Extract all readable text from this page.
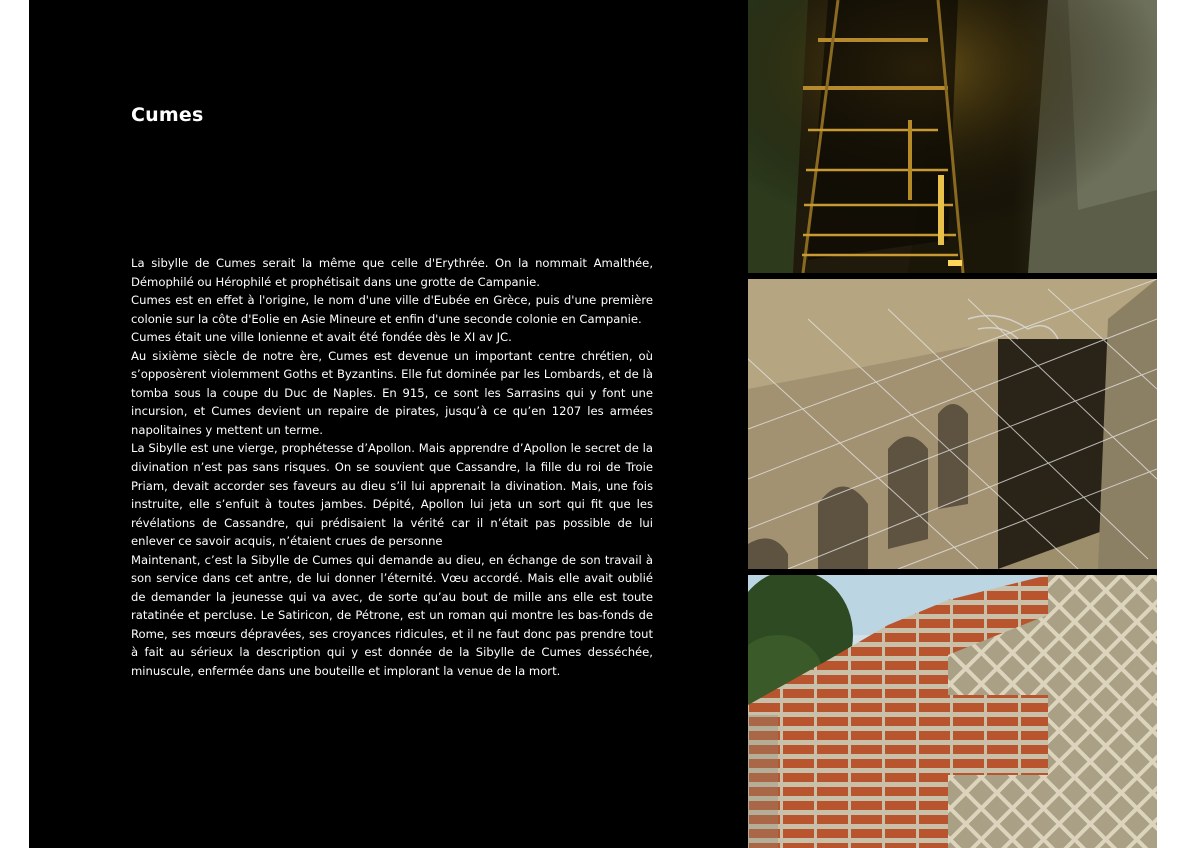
Cumes

La sibylle de Cumes serait la même que celle d'Erythrée. On la nommait Amalthée, Démophilé ou Hérophilé et prophétisait dans une grotte de Campanie.

Cumes est en effet à l'origine, le nom d'une ville d'Eubée en Grèce, puis d'une première colonie sur la côte d'Eolie en Asie Mineure et enfin d'une seconde colonie en Campanie.

Cumes était une ville Ionienne et avait été fondée dès le XI av JC.

Au sixième siècle de notre ère, Cumes est devenue un important centre chrétien, où s’opposèrent violemment Goths et Byzantins. Elle fut dominée par les Lombards, et de là tomba sous la coupe du Duc de Naples. En 915, ce sont les Sarrasins qui y font une incursion, et Cumes devient un repaire de pirates, jusqu’à ce qu’en 1207 les armées napolitaines y mettent un terme.

La Sibylle est une vierge, prophétesse d’Apollon. Mais apprendre d’Apollon le secret de la divination n’est pas sans risques. On se souvient que Cassandre, la fille du roi de Troie Priam, devait accorder ses faveurs au dieu s’il lui apprenait la divination. Mais, une fois instruite, elle s’enfuit à toutes jambes. Dépité, Apollon lui jeta un sort qui fit que les révélations de Cassandre, qui prédisaient la vérité car il n’était pas possible de lui enlever ce savoir acquis, n’étaient crues de personne

Maintenant, c’est la Sibylle de Cumes qui demande au dieu, en échange de son travail à son service dans cet antre, de lui donner l’éternité. Vœu accordé. Mais elle avait oublié de demander la jeunesse qui va avec, de sorte qu’au bout de mille ans elle est toute ratatinée et percluse. Le Satiricon, de Pétrone, est un roman qui montre les bas-fonds de Rome, ses mœurs dépravées, ses croyances ridicules, et il ne faut donc pas prendre tout à fait au sérieux la description qui y est donnée de la Sibylle de Cumes desséchée, minuscule, enfermée dans une bouteille et implorant la venue de la mort.
